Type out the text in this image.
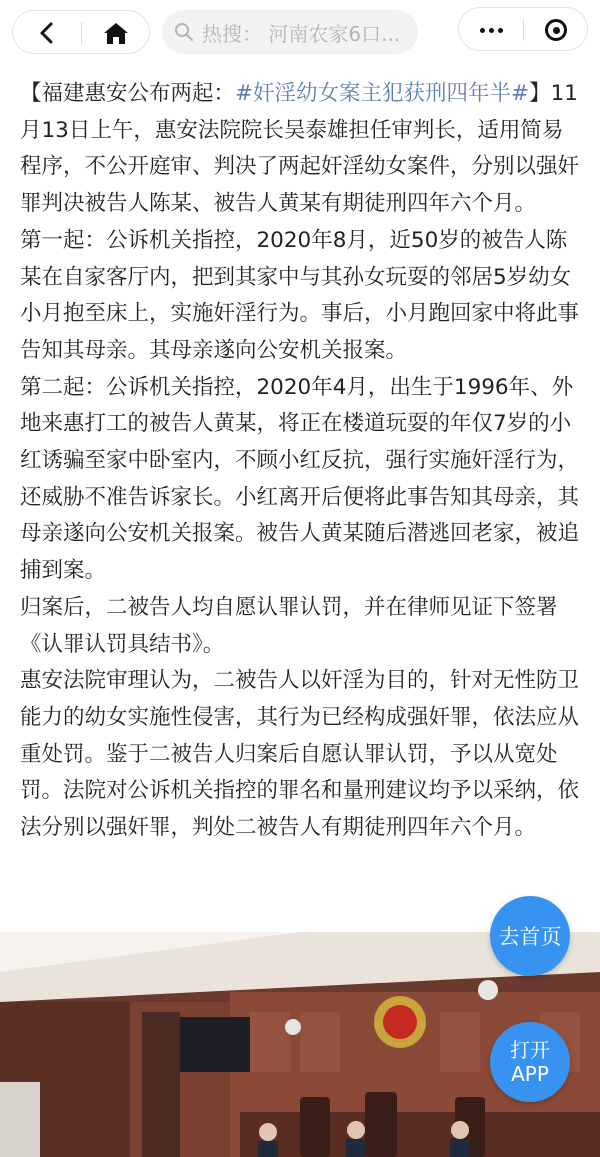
热搜： 河南农家6口...

【福建惠安公布两起：#奸淫幼女案主犯获刑四年半#】11月13日上午，惠安法院院长吴泰雄担任审判长，适用简易程序，不公开庭审、判决了两起奸淫幼女案件，分别以强奸罪判决被告人陈某、被告人黄某有期徒刑四年六个月。

第一起：公诉机关指控，2020年8月，近50岁的被告人陈某在自家客厅内，把到其家中与其孙女玩耍的邻居5岁幼女小月抱至床上，实施奸淫行为。事后，小月跑回家中将此事告知其母亲。其母亲遂向公安机关报案。

第二起：公诉机关指控，2020年4月，出生于1996年、外地来惠打工的被告人黄某，将正在楼道玩耍的年仅7岁的小红诱骗至家中卧室内，不顾小红反抗，强行实施奸淫行为，还威胁不准告诉家长。小红离开后便将此事告知其母亲，其母亲遂向公安机关报案。被告人黄某随后潜逃回老家，被追捕到案。

归案后，二被告人均自愿认罪认罚，并在律师见证下签署《认罪认罚具结书》。

惠安法院审理认为，二被告人以奸淫为目的，针对无性防卫能力的幼女实施性侵害，其行为已经构成强奸罪，依法应从重处罚。鉴于二被告人归案后自愿认罪认罚，予以从宽处罚。法院对公诉机关指控的罪名和量刑建议均予以采纳，依法分别以强奸罪，判处二被告人有期徒刑四年六个月。

去首页
打开
APP
